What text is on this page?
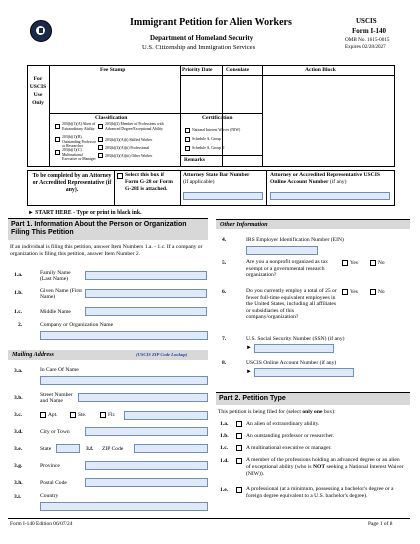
Immigrant Petition for Alien Workers
Department of Homeland Security
U.S. Citizenship and Immigration Services
USCIS
Form I-140
OMB No. 1615-0015
Expires 02/28/2027
For USCIS Use Only
Fee Stamp	Priority Date	Consulate	Action Block
Classification
203(b)(1)(A) Alien of Extraordinary Ability
203(b)(1)(B) Outstanding Professor or Researcher
203(b)(1)(C) Multinational Executive or Manager
203(b)(2) Member of Professions with Advanced Degree/Exceptional Ability
203(b)(3)(A)(i) Skilled Worker
203(b)(3)(A)(ii) Professional
203(b)(3)(A)(iii) Other Worker
Certification
National Interest Waiver (NIW)
Schedule A, Group I
Schedule A, Group II
Remarks
To be completed by an Attorney or Accredited Representative (if any).
Select this box if Form G-28 or Form G-28I is attached.
Attorney State Bar Number
(if applicable)
Attorney or Accredited Representative USCIS Online Account Number (if any)
► START HERE - Type or print in black ink.
Part 1. Information About the Person or Organization Filing This Petition
If an individual is filing this petition, answer Item Numbers 1.a. - 1.c. If a company or organization is filing this petition, answer Item Number 2.
1.a.	Family Name (Last Name)
1.b.	Given Name (First Name)
1.c.	Middle Name
2.	Company or Organization Name
Mailing Address	(USCIS ZIP Code Lookup)
3.a.	In Care Of Name
3.b.	Street Number and Name
3.c.	Apt.	Ste.	Flr.
3.d.	City or Town
3.e.	State	3.f. ZIP Code
3.g.	Province
3.h.	Postal Code
3.i.	Country
Other Information
4.	IRS Employer Identification Number (EIN)
5.	Are you a nonprofit organized as tax exempt or a governmental research organization?
Yes	No
6.	Do you currently employ a total of 25 or fewer full-time equivalent employees in the United States, including all affiliates or subsidiaries of this company/organization?
Yes	No
7.	U.S. Social Security Number (SSN) (if any)
►
8.	USCIS Online Account Number (if any)
►
Part 2. Petition Type
This petition is being filed for (select only one box):
1.a.	An alien of extraordinary ability.
1.b.	An outstanding professor or researcher.
1.c.	A multinational executive or manager.
1.d.	A member of the professions holding an advanced degree or an alien of exceptional ability (who is NOT seeking a National Interest Waiver (NIW)).
1.e.	A professional (at a minimum, possessing a bachelor's degree or a foreign degree equivalent to a U.S. bachelor's degree).
Form I-140 Edition 06/07/24	Page 1 of 8
